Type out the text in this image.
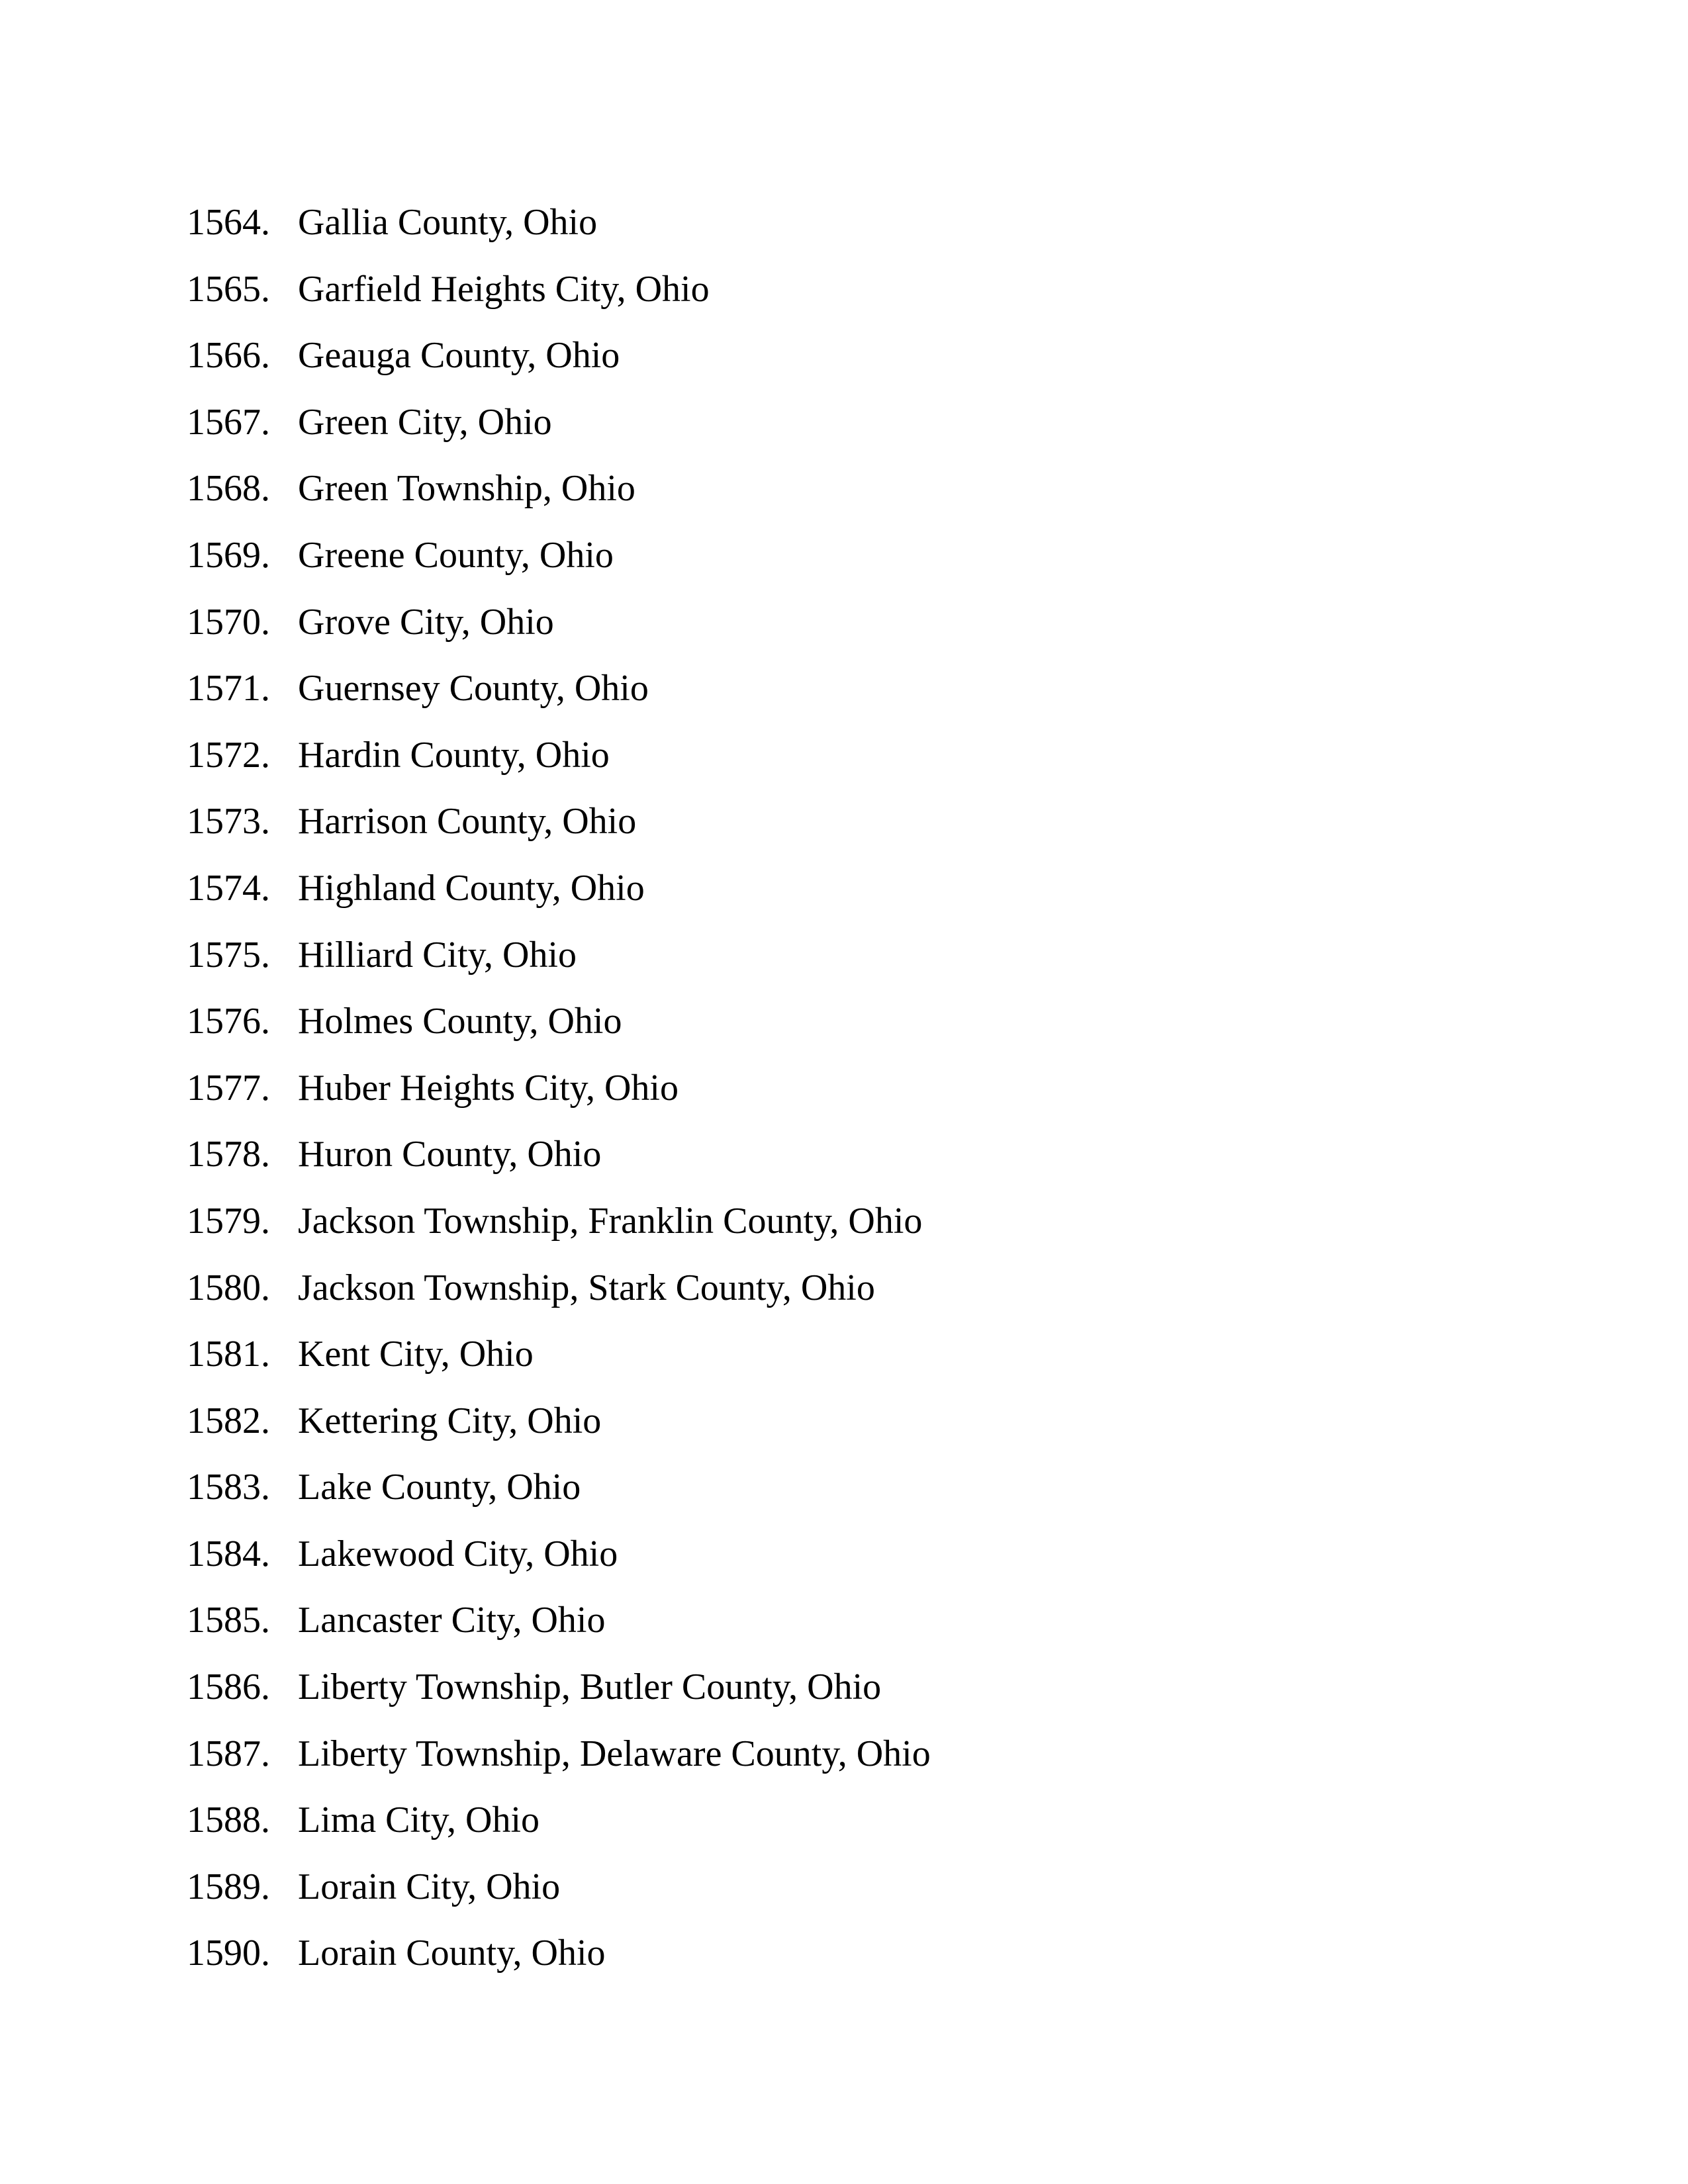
1564. Gallia County, Ohio
1565. Garfield Heights City, Ohio
1566. Geauga County, Ohio
1567. Green City, Ohio
1568. Green Township, Ohio
1569. Greene County, Ohio
1570. Grove City, Ohio
1571. Guernsey County, Ohio
1572. Hardin County, Ohio
1573. Harrison County, Ohio
1574. Highland County, Ohio
1575. Hilliard City, Ohio
1576. Holmes County, Ohio
1577. Huber Heights City, Ohio
1578. Huron County, Ohio
1579. Jackson Township, Franklin County, Ohio
1580. Jackson Township, Stark County, Ohio
1581. Kent City, Ohio
1582. Kettering City, Ohio
1583. Lake County, Ohio
1584. Lakewood City, Ohio
1585. Lancaster City, Ohio
1586. Liberty Township, Butler County, Ohio
1587. Liberty Township, Delaware County, Ohio
1588. Lima City, Ohio
1589. Lorain City, Ohio
1590. Lorain County, Ohio
